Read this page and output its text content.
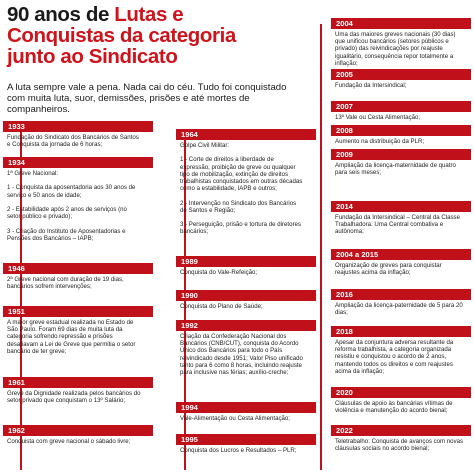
90 anos de Lutas e
Conquistas da categoria
junto ao Sindicato
A luta sempre vale a pena. Nada cai do céu. Tudo foi conquistado com muita luta, suor, demissões, prisões e até mortes de companheiros.
1933
Fundação do Sindicato dos Bancários de Santos e Conquista da jornada de 6 horas;
1934
1ª Greve Nacional:

1 - Conquista da aposentadoria aos 30 anos de serviço e 50 anos de idade;

2 - Estabilidade após 2 anos de serviços (no setor público e privado);

3 - Criação do Instituto de Aposentadorias e Pensões dos Bancários – IAPB;
1946
2ª Greve nacional com duração de 19 dias, bancários sofrem intervenções;
1951
A maior greve estadual realizada no Estado de São Paulo. Foram 69 dias de muita luta da categoria sofrendo repressão e prisões desafiavam a Lei de Greve que permitia o setor bancário de ter greve;
1961
Greve da Dignidade realizada pelos bancários do setor privado que conquistam o 13º Salário;
1962
Conquista com greve nacional o sábado livre;
1964
Golpe Civil Militar:

1 - Corte de direitos a liberdade de expressão, proibição de greve ou qualquer tipo de mobilização, extinção de direitos trabalhistas conquistados em outras décadas como a estabilidade, IAPB e outros;

2 - Intervenção no Sindicato dos Bancários de Santos e Região;

3 - Perseguição, prisão e tortura de diretores bancários;
1989
Conquista do Vale-Refeição;
1990
Conquista do Plano de Saúde;
1992
Criação da Confederação Nacional dos Bancários (CNB/CUT), conquista do Acordo Único dos Bancários para todo o País reivindicado desde 1951; Valor Piso unificado tanto para 6 como 8 horas, incluindo reajuste para inclusive nas férias; auxílio-creche;
1994
Vale-Alimentação ou Cesta Alimentação;
1995
Conquista dos Lucros e Resultados – PLR;
2004
Uma das maiores greves nacionais (30 dias) que unificou bancários (setores públicos e privado) das reivindicações por reajuste igualitário, consequência repor totalmente a inflação;
2005
Fundação da Intersindical;
2007
13º Vale ou Cesta Alimentação;
2008
Aumento na distribuição da PLR;
2009
Ampliação da licença-maternidade de quatro para seis meses;
2014
Fundação da Intersindical – Central da Classe Trabalhadora. Uma Central combativa e autônoma;
2004 a 2015
Organização de greves para conquistar reajustes acima da inflação;
2016
Ampliação da licença-paternidade de 5 para 20 dias;
2018
Apesar da conjuntura adversa resultante da reforma trabalhista, a categoria organizada resistiu e conquistou o acordo de 2 anos, mantendo todos os direitos e com reajustes acima da inflação;
2020
Cláusulas de apoio às bancárias vítimas de violência e manutenção do acordo bienal;
2022
Teletrabalho: Conquista de avanços com novas cláusulas sociais no acordo bienal;
